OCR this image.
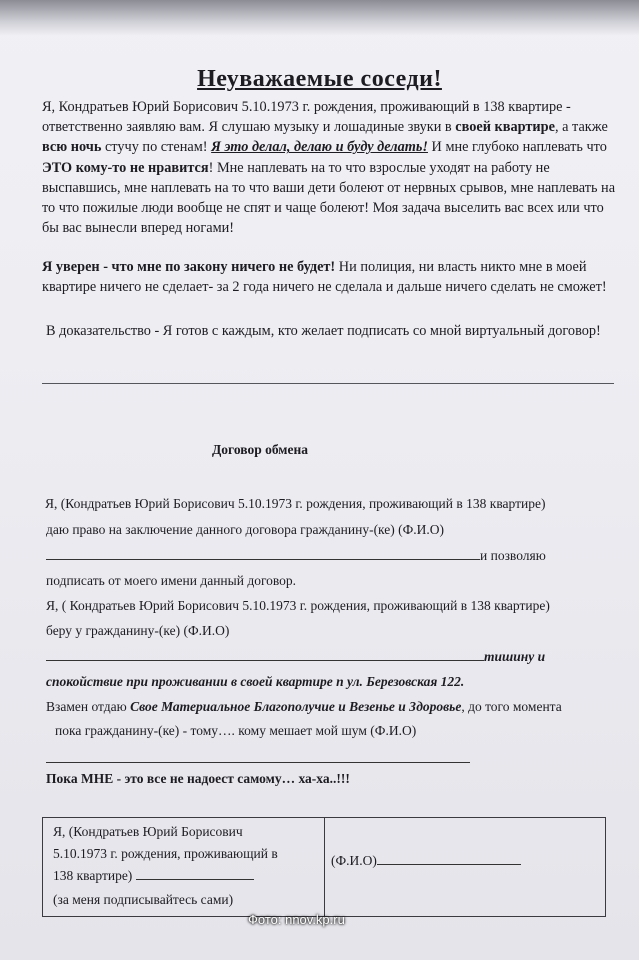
Неуважаемые соседи!
Я, Кондратьев Юрий Борисович 5.10.1973 г. рождения, проживающий в 138 квартире - ответственно заявляю вам. Я слушаю музыку и лошадиные звуки в своей квартире, а также всю ночь стучу по стенам! Я это делал, делаю и буду делать! И мне глубоко наплевать что ЭТО кому-то не нравится! Мне наплевать на то что взрослые уходят на работу не выспавшись, мне наплевать на то что ваши дети болеют от нервных срывов, мне наплевать на то что пожилые люди вообще не спят и чаще болеют! Моя задача выселить вас всех или что бы вас вынесли вперед ногами!
Я уверен - что мне по закону ничего не будет! Ни полиция, ни власть никто мне в моей квартире ничего не сделает- за 2 года ничего не сделала и дальше ничего сделать не сможет!
В доказательство - Я готов с каждым, кто желает подписать со мной виртуальный договор!
Договор обмена
Я, (Кондратьев Юрий Борисович 5.10.1973 г. рождения, проживающий в 138 квартире)
даю право на заключение данного договора гражданину-(ке) (Ф.И.О)
и позволяю
подписать от моего имени данный договор.
Я, ( Кондратьев Юрий Борисович 5.10.1973 г. рождения, проживающий в 138 квартире)
беру у гражданину-(ке) (Ф.И.О)
тишину и
спокойствие при проживании в своей квартире п ул. Березовская 122.
Взамен отдаю Свое Материальное Благополучие и Везенье и Здоровье, до того момента
пока гражданину-(ке) - тому…. кому мешает мой шум (Ф.И.О)
Пока МНЕ - это все не надоест самому… ха-ха..!!!
Я, (Кондратьев Юрий Борисович
5.10.1973 г. рождения, проживающий в
138 квартире)
(за меня подписывайтесь сами)
(Ф.И.О)
Фото: nnov.kp.ru
